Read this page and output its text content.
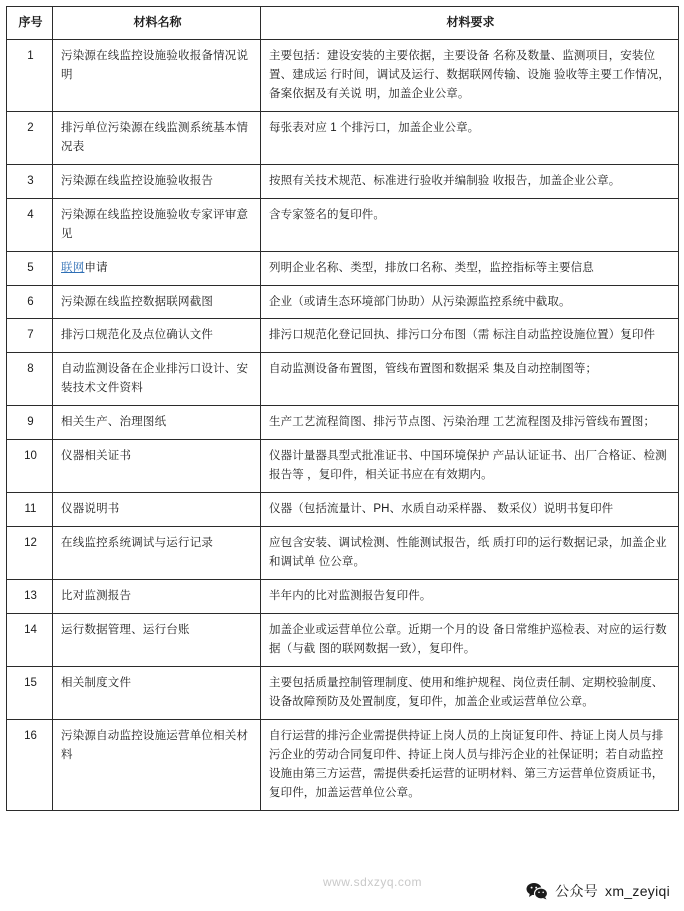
序号	材料名称	材料要求
1	污染源在线监控设施验收报备情况说明	主要包括：建设安装的主要依据，主要设备 名称及数量、监测项目，安装位置、建成运 行时间，调试及运行、数据联网传输、设施 验收等主要工作情况，备案依据及有关说 明，加盖企业公章。
2	排污单位污染源在线监测系统基本情况表	每张表对应 1 个排污口，加盖企业公章。
3	污染源在线监控设施验收报告	按照有关技术规范、标准进行验收并编制验 收报告，加盖企业公章。
4	污染源在线监控设施验收专家评审意见	含专家签名的复印件。
5	联网申请	列明企业名称、类型，排放口名称、类型，监控指标等主要信息
6	污染源在线监控数据联网截图	企业（或请生态环境部门协助）从污染源监控系统中截取。
7	排污口规范化及点位确认文件	排污口规范化登记回执、排污口分布图（需 标注自动监控设施位置）复印件
8	自动监测设备在企业排污口设计、安装技术文件资料	自动监测设备布置图，管线布置图和数据采 集及自动控制图等；
9	相关生产、治理图纸	生产工艺流程简图、排污节点图、污染治理 工艺流程图及排污管线布置图；
10	仪器相关证书	仪器计量器具型式批准证书、中国环境保护 产品认证证书、出厂合格证、检测报告等 ，复印件，相关证书应在有效期内。
11	仪器说明书	仪器（包括流量计、PH、水质自动采样器、 数采仪）说明书复印件
12	在线监控系统调试与运行记录	应包含安装、调试检测、性能测试报告，纸 质打印的运行数据记录，加盖企业和调试单 位公章。
13	比对监测报告	半年内的比对监测报告复印件。
14	运行数据管理、运行台账	加盖企业或运营单位公章。近期一个月的设 备日常维护巡检表、对应的运行数据（与截 图的联网数据一致），复印件。
15	相关制度文件	主要包括质量控制管理制度、使用和维护规程、岗位责任制、定期校验制度、设备故障预防及处置制度，复印件，加盖企业或运营单位公章。
16	污染源自动监控设施运营单位相关材料	自行运营的排污企业需提供持证上岗人员的上岗证复印件、持证上岗人员与排污企业的劳动合同复印件、持证上岗人员与排污企业的社保证明；若自动监控设施由第三方运营，需提供委托运营的证明材料、第三方运营单位资质证书，复印件，加盖运营单位公章。
www.sdxzyq.com
公众号 xm_zeyiqi
